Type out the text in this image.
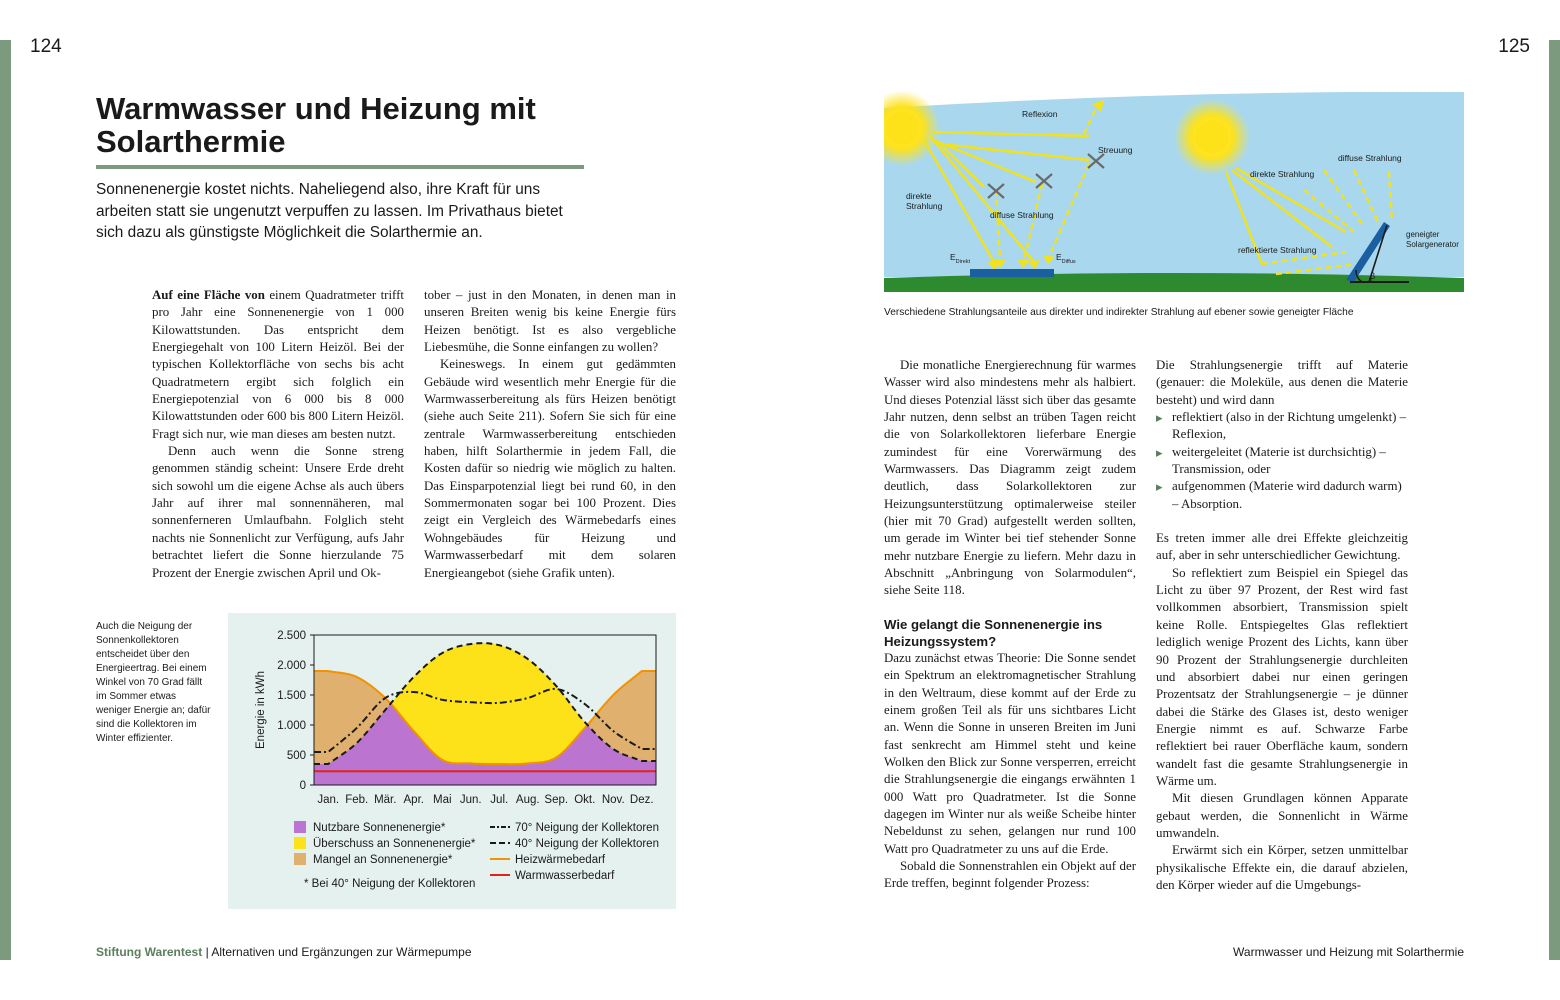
124	125
Warmwasser und Heizung mit Solarthermie
Sonnenenergie kostet nichts. Naheliegend also, ihre Kraft für uns arbeiten statt sie ungenutzt verpuffen zu lassen. Im Privathaus bietet sich dazu als günstigste Möglichkeit die Solarthermie an.

Auf eine Fläche von einem Quadratmeter trifft pro Jahr eine Sonnenenergie von 1 000 Kilowattstunden. Das entspricht dem Energiegehalt von 100 Litern Heizöl. Bei der typischen Kollektorfläche von sechs bis acht Quadratmetern ergibt sich folglich ein Energiepotenzial von 6 000 bis 8 000 Kilowattstunden oder 600 bis 800 Litern Heizöl. Fragt sich nur, wie man dieses am besten nutzt.

Denn auch wenn die Sonne streng genommen ständig scheint: Unsere Erde dreht sich sowohl um die eigene Achse als auch übers Jahr auf ihrer mal sonnennäheren, mal sonnenferneren Umlaufbahn. Folglich steht nachts nie Sonnenlicht zur Verfügung, aufs Jahr betrachtet liefert die Sonne hierzulande 75 Prozent der Energie zwischen April und Ok-

tober – just in den Monaten, in denen man in unseren Breiten wenig bis keine Energie fürs Heizen benötigt. Ist es also vergebliche Liebesmühe, die Sonne einfangen zu wollen?

Keineswegs. In einem gut gedämmten Gebäude wird wesentlich mehr Energie für die Warmwasserbereitung als fürs Heizen benötigt (siehe auch Seite 211). Sofern Sie sich für eine zentrale Warmwasserbereitung entschieden haben, hilft Solarthermie in jedem Fall, die Kosten dafür so niedrig wie möglich zu halten. Das Einsparpotenzial liegt bei rund 60, in den Sommermonaten sogar bei 100 Prozent. Dies zeigt ein Vergleich des Wärmebedarfs eines Wohngebäudes für Heizung und Warmwasserbedarf mit dem solaren Energieangebot (siehe Grafik unten).

Auch die Neigung der Sonnenkollektoren entscheidet über den Energieertrag. Bei einem Winkel von 70 Grad fällt im Sommer etwas weniger Energie an; dafür sind die Kollektoren im Winter effizienter.
0
500
1.000
1.500
2.000
2.500
Jan. Feb. Mär. Apr. Mai Jun. Jul. Aug. Sep. Okt. Nov. Dez.
Energie in kWh
Nutzbare Sonnenenergie*
Überschuss an Sonnenenergie*
Mangel an Sonnenenergie*
70° Neigung der Kollektoren
40° Neigung der Kollektoren
Heizwärmebedarf
Warmwasserbedarf
* Bei 40° Neigung der Kollektoren
β
Reflexion
Streuung
direkte
Strahlung
diffuse Strahlung
$E_{Direkt}$	$E_{Diffus}$
direkte Strahlung
diffuse Strahlung
reflektierte Strahlung
geneigter
Solargenerator
Verschiedene Strahlungsanteile aus direkter und indirekter Strahlung auf ebener sowie geneigter Fläche

Die monatliche Energierechnung für warmes Wasser wird also mindestens mehr als halbiert. Und dieses Potenzial lässt sich über das gesamte Jahr nutzen, denn selbst an trüben Tagen reicht die von Solarkollektoren lieferbare Energie zumindest für eine Vorerwärmung des Warmwassers. Das Diagramm zeigt zudem deutlich, dass Solarkollektoren zur Heizungsunterstützung optimalerweise steiler (hier mit 70 Grad) aufgestellt werden sollten, um gerade im Winter bei tief stehender Sonne mehr nutzbare Energie zu liefern. Mehr dazu in Abschnitt „Anbringung von Solarmodulen“, siehe Seite 118.

Wie gelangt die Sonnenenergie ins Heizungssystem?

Dazu zunächst etwas Theorie: Die Sonne sendet ein Spektrum an elektromagnetischer Strahlung in den Weltraum, diese kommt auf der Erde zu einem großen Teil als für uns sichtbares Licht an. Wenn die Sonne in unseren Breiten im Juni fast senkrecht am Himmel steht und keine Wolken den Blick zur Sonne versperren, erreicht die Strahlungsenergie die eingangs erwähnten 1 000 Watt pro Quadratmeter. Ist die Sonne dagegen im Winter nur als weiße Scheibe hinter Nebeldunst zu sehen, gelangen nur rund 100 Watt pro Quadratmeter zu uns auf die Erde.

Sobald die Sonnenstrahlen ein Objekt auf der Erde treffen, beginnt folgender Prozess:

Die Strahlungsenergie trifft auf Materie (genauer: die Moleküle, aus denen die Materie besteht) und wird dann

▸ reflektiert (also in der Richtung umgelenkt) – Reflexion,
▸ weitergeleitet (Materie ist durchsichtig) – Transmission, oder
▸ aufgenommen (Materie wird dadurch warm) – Absorption.

Es treten immer alle drei Effekte gleichzeitig auf, aber in sehr unterschiedlicher Gewichtung.

So reflektiert zum Beispiel ein Spiegel das Licht zu über 97 Prozent, der Rest wird fast vollkommen absorbiert, Transmission spielt keine Rolle. Entspiegeltes Glas reflektiert lediglich wenige Prozent des Lichts, kann über 90 Prozent der Strahlungsenergie durchleiten und absorbiert dabei nur einen geringen Prozentsatz der Strahlungsenergie – je dünner dabei die Stärke des Glases ist, desto weniger Energie nimmt es auf. Schwarze Farbe reflektiert bei rauer Oberfläche kaum, sondern wandelt fast die gesamte Strahlungsenergie in Wärme um.

Mit diesen Grundlagen können Apparate gebaut werden, die Sonnenlicht in Wärme umwandeln.

Erwärmt sich ein Körper, setzen unmittelbar physikalische Effekte ein, die darauf abzielen, den Körper wieder auf die Umgebungs-

Stiftung Warentest | Alternativen und Ergänzungen zur Wärmepumpe	Warmwasser und Heizung mit Solarthermie
